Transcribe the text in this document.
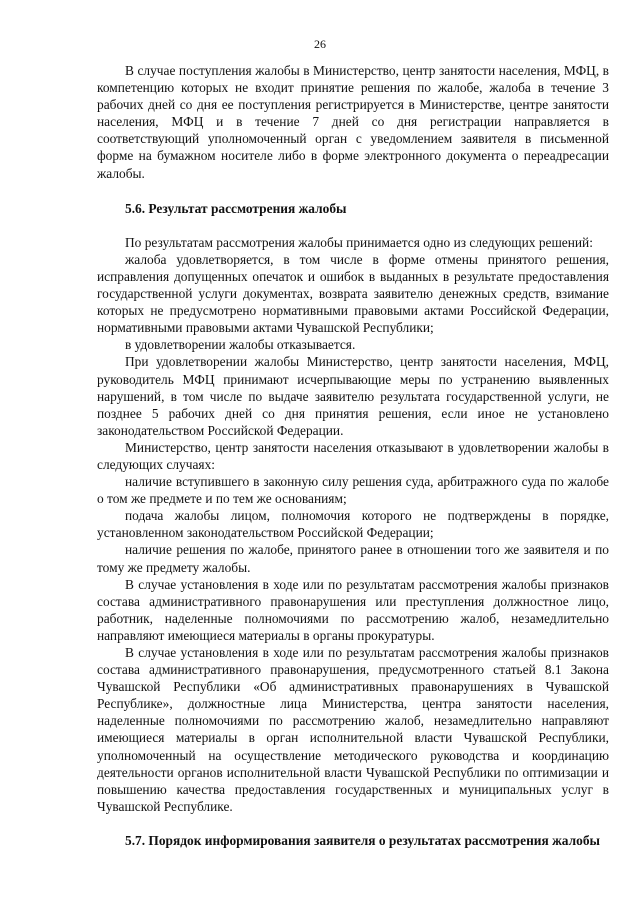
26

В случае поступления жалобы в Министерство, центр занятости населения, МФЦ, в компетенцию которых не входит принятие решения по жалобе, жалоба в течение 3 рабочих дней со дня ее поступления регистрируется в Министерстве, центре занятости населения, МФЦ и в течение 7 дней со дня регистрации направляется в соответствующий уполномоченный орган с уведомлением заявителя в письменной форме на бумажном носителе либо в форме электронного документа о переадресации жалобы.

5.6. Результат рассмотрения жалобы

По результатам рассмотрения жалобы принимается одно из следующих решений:

жалоба удовлетворяется, в том числе в форме отмены принятого решения, исправления допущенных опечаток и ошибок в выданных в результате предоставления государственной услуги документах, возврата заявителю денежных средств, взимание которых не предусмотрено нормативными правовыми актами Российской Федерации, нормативными правовыми актами Чувашской Республики;

в удовлетворении жалобы отказывается.

При удовлетворении жалобы Министерство, центр занятости населения, МФЦ, руководитель МФЦ принимают исчерпывающие меры по устранению выявленных нарушений, в том числе по выдаче заявителю результата государственной услуги, не позднее 5 рабочих дней со дня принятия решения, если иное не установлено законодательством Российской Федерации.

Министерство, центр занятости населения отказывают в удовлетворении жалобы в следующих случаях:

наличие вступившего в законную силу решения суда, арбитражного суда по жалобе о том же предмете и по тем же основаниям;

подача жалобы лицом, полномочия которого не подтверждены в порядке, установленном законодательством Российской Федерации;

наличие решения по жалобе, принятого ранее в отношении того же заявителя и по тому же предмету жалобы.

В случае установления в ходе или по результатам рассмотрения жалобы признаков состава административного правонарушения или преступления должностное лицо, работник, наделенные полномочиями по рассмотрению жалоб, незамедлительно направляют имеющиеся материалы в органы прокуратуры.

В случае установления в ходе или по результатам рассмотрения жалобы признаков состава административного правонарушения, предусмотренного статьей 8.1 Закона Чувашской Республики «Об административных правонарушениях в Чувашской Республике», должностные лица Министерства, центра занятости населения, наделенные полномочиями по рассмотрению жалоб, незамедлительно направляют имеющиеся материалы в орган исполнительной власти Чувашской Республики, уполномоченный на осуществление методического руководства и координацию деятельности органов исполнительной власти Чувашской Республики по оптимизации и повышению качества предоставления государственных и муниципальных услуг в Чувашской Республике.

5.7. Порядок информирования заявителя о результатах рассмотрения жалобы
